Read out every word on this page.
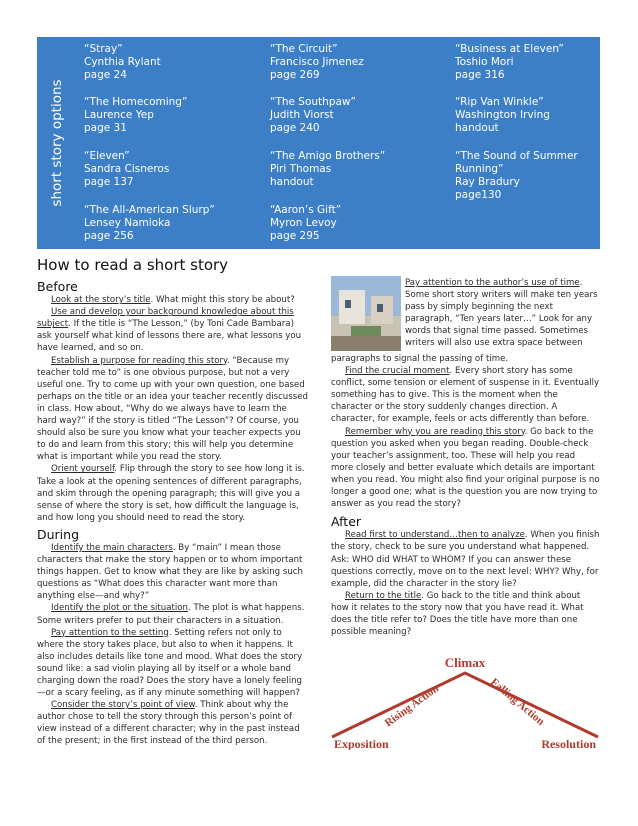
short story options
“Stray”
Cynthia Rylant
page 24
“The Homecoming”
Laurence Yep
page 31
“Eleven”
Sandra Cisneros
page 137
“The All-American Slurp”
Lensey Namioka
page 256
“The Circuit”
Francisco Jimenez
page 269
“The Southpaw”
Judith Viorst
page 240
“The Amigo Brothers”
Piri Thomas
handout
“Aaron’s Gift”
Myron Levoy
page 295
“Business at Eleven”
Toshio Mori
page 316
“Rip Van Winkle”
Washington Irving
handout
“The Sound of Summer
Running”
Ray Bradury
page130
How to read a short story
Before

Look at the story’s title. What might this story be about?

Use and develop your background knowledge about this subject. If the title is “The Lesson,” (by Toni Cade Bambara) ask yourself what kind of lessons there are, what lessons you have learned, and so on.

Establish a purpose for reading this story. “Because my teacher told me to” is one obvious purpose, but not a very useful one. Try to come up with your own question, one based perhaps on the title or an idea your teacher recently discussed in class. How about, “Why do we always have to learn the hard way?” if the story is titled “The Lesson”? Of course, you should also be sure you know what your teacher expects you to do and learn from this story; this will help you determine what is important while you read the story.

Orient yourself. Flip through the story to see how long it is. Take a look at the opening sentences of different paragraphs, and skim through the opening paragraph; this will give you a sense of where the story is set, how difficult the language is, and how long you should need to read the story.

During

Identify the main characters. By “main” I mean those characters that make the story happen or to whom important things happen. Get to know what they are like by asking such questions as “What does this character want more than anything else—and why?”

Identify the plot or the situation. The plot is what happens. Some writers prefer to put their characters in a situation.

Pay attention to the setting. Setting refers not only to where the story takes place, but also to when it happens. It also includes details like tone and mood. What does the story sound like: a sad violin playing all by itself or a whole band charging down the road? Does the story have a lonely feeling —or a scary feeling, as if any minute something will happen?

Consider the story’s point of view. Think about why the author chose to tell the story through this person’s point of view instead of a different character; why in the past instead of the present; in the first instead of the third person.

Pay attention to the author’s use of time. Some short story writers will make ten years pass by simply beginning the next paragraph, “Ten years later…” Look for any words that signal time passed. Sometimes writers will also use extra space between

paragraphs to signal the passing of time.

Find the crucial moment. Every short story has some conflict, some tension or element of suspense in it. Eventually something has to give. This is the moment when the character or the story suddenly changes direction. A character, for example, feels or acts differently than before.

Remember why you are reading this story. Go back to the question you asked when you began reading. Double-check your teacher’s assignment, too. These will help you read more closely and better evaluate which details are important when you read. You might also find your original purpose is no longer a good one; what is the question you are now trying to answer as you read the story?

After

Read first to understand…then to analyze. When you finish the story, check to be sure you understand what happened. Ask: WHO did WHAT to WHOM? If you can answer these questions correctly, move on to the next level: WHY? Why, for example, did the character in the story lie?

Return to the title. Go back to the title and think about how it relates to the story now that you have read it. What does the title refer to? Does the title have more than one possible meaning?

Climax
Rising Action	Falling Action
Exposition	Resolution
